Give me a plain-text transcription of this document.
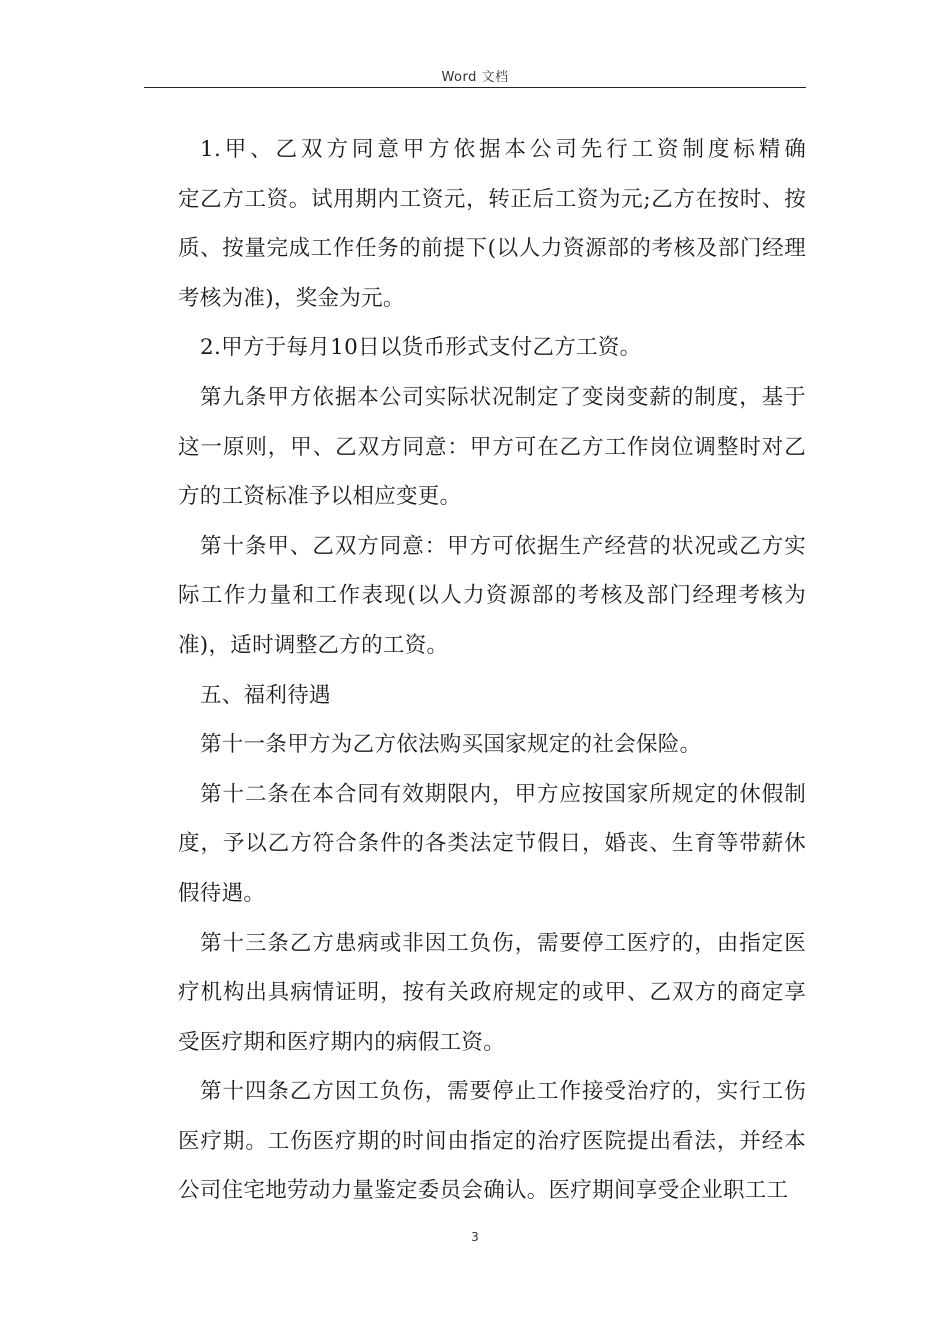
Word 文档

1.甲、乙双方同意甲方依据本公司先行工资制度标精确　　　定乙方工资。试用期内工资元，转正后工资为元;乙方在按时、按质、按量完成工作任务的前提下(以人力资源部的考核及部门经理考核为准)，奖金为元。

2.甲方于每月10日以货币形式支付乙方工资。

第九条甲方依据本公司实际状况制定了变岗变薪的制度，基于这一原则，甲、乙双方同意：甲方可在乙方工作岗位调整时对乙方的工资标准予以相应变更。

第十条甲、乙双方同意：甲方可依据生产经营的状况或乙方实际工作力量和工作表现(以人力资源部的考核及部门经理考核为准)，适时调整乙方的工资。

五、福利待遇

第十一条甲方为乙方依法购买国家规定的社会保险。

第十二条在本合同有效期限内，甲方应按国家所规定的休假制度，予以乙方符合条件的各类法定节假日，婚丧、生育等带薪休假待遇。

第十三条乙方患病或非因工负伤，需要停工医疗的，由指定医疗机构出具病情证明，按有关政府规定的或甲、乙双方的商定享受医疗期和医疗期内的病假工资。

第十四条乙方因工负伤，需要停止工作接受治疗的，实行工伤医疗期。工伤医疗期的时间由指定的治疗医院提出看法，并经本公司住宅地劳动力量鉴定委员会确认。医疗期间享受企业职工工

3
